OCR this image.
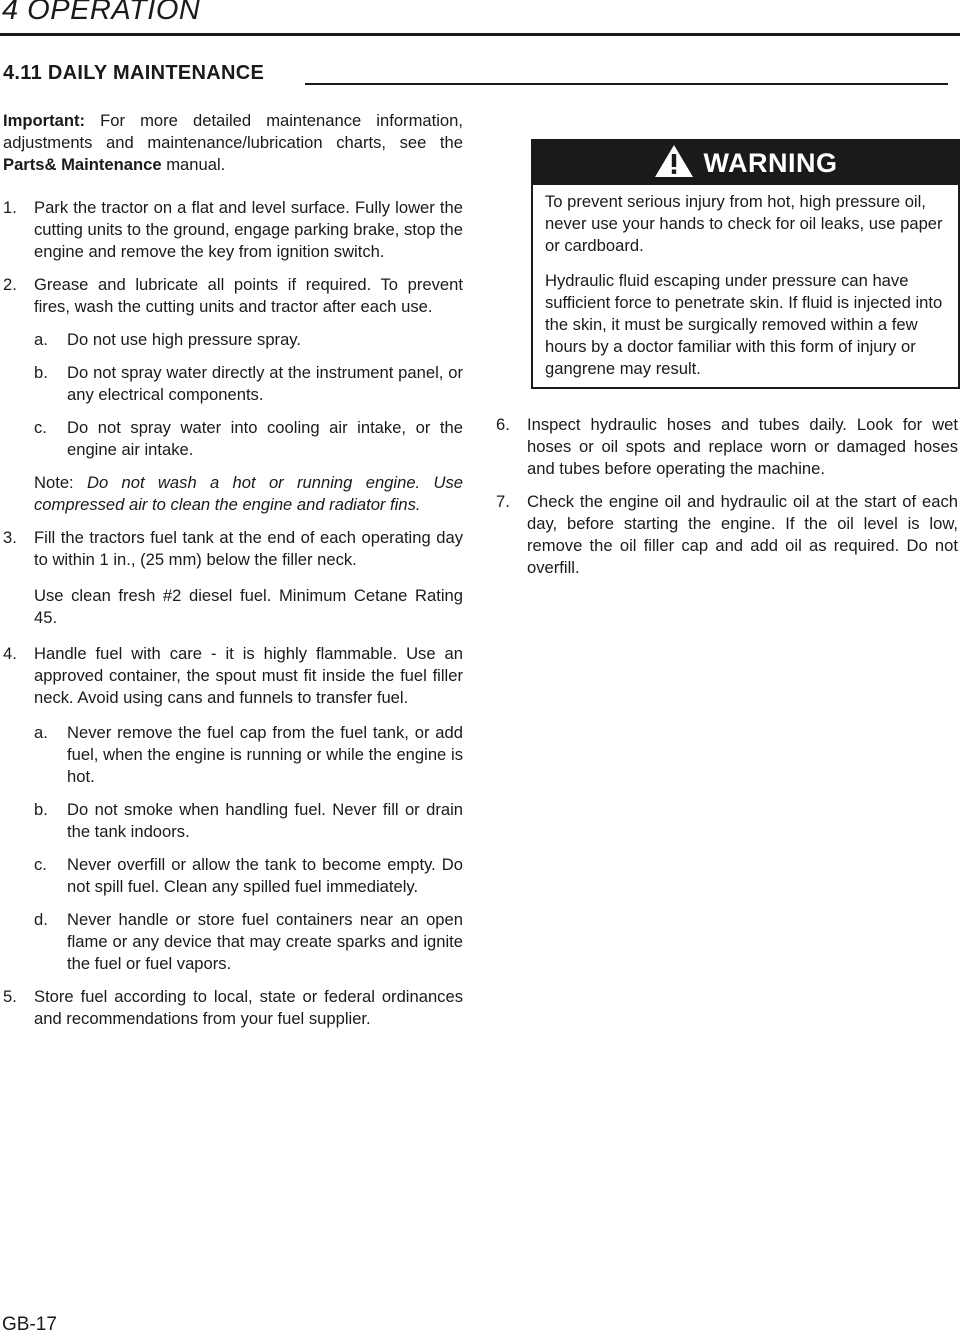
4 OPERATION
4.11 DAILY MAINTENANCE

Important: For more detailed maintenance information, adjustments and maintenance/lubrication charts, see the Parts& Maintenance manual.

1. Park the tractor on a flat and level surface. Fully lower the cutting units to the ground, engage parking brake, stop the engine and remove the key from ignition switch.

2. Grease and lubricate all points if required. To prevent fires, wash the cutting units and tractor after each use.

a. Do not use high pressure spray.

b. Do not spray water directly at the instrument panel, or any electrical components.

c. Do not spray water into cooling air intake, or the engine air intake.

Note: Do not wash a hot or running engine. Use compressed air to clean the engine and radiator fins.

3. Fill the tractors fuel tank at the end of each operating day to within 1 in., (25 mm) below the filler neck.

Use clean fresh #2 diesel fuel. Minimum Cetane Rating 45.

4. Handle fuel with care - it is highly flammable. Use an approved container, the spout must fit inside the fuel filler neck. Avoid using cans and funnels to transfer fuel.

a. Never remove the fuel cap from the fuel tank, or add fuel, when the engine is running or while the engine is hot.

b. Do not smoke when handling fuel. Never fill or drain the tank indoors.

c. Never overfill or allow the tank to become empty. Do not spill fuel. Clean any spilled fuel immediately.

d. Never handle or store fuel containers near an open flame or any device that may create sparks and ignite the fuel or fuel vapors.

5. Store fuel according to local, state or federal ordinances and recommendations from your fuel supplier.

WARNING

To prevent serious injury from hot, high pressure oil, never use your hands to check for oil leaks, use paper or cardboard.

Hydraulic fluid escaping under pressure can have sufficient force to penetrate skin. If fluid is injected into the skin, it must be surgically removed within a few hours by a doctor familiar with this form of injury or gangrene may result.

6. Inspect hydraulic hoses and tubes daily. Look for wet hoses or oil spots and replace worn or damaged hoses and tubes before operating the machine.

7. Check the engine oil and hydraulic oil at the start of each day, before starting the engine. If the oil level is low, remove the oil filler cap and add oil as required. Do not overfill.

GB-17
